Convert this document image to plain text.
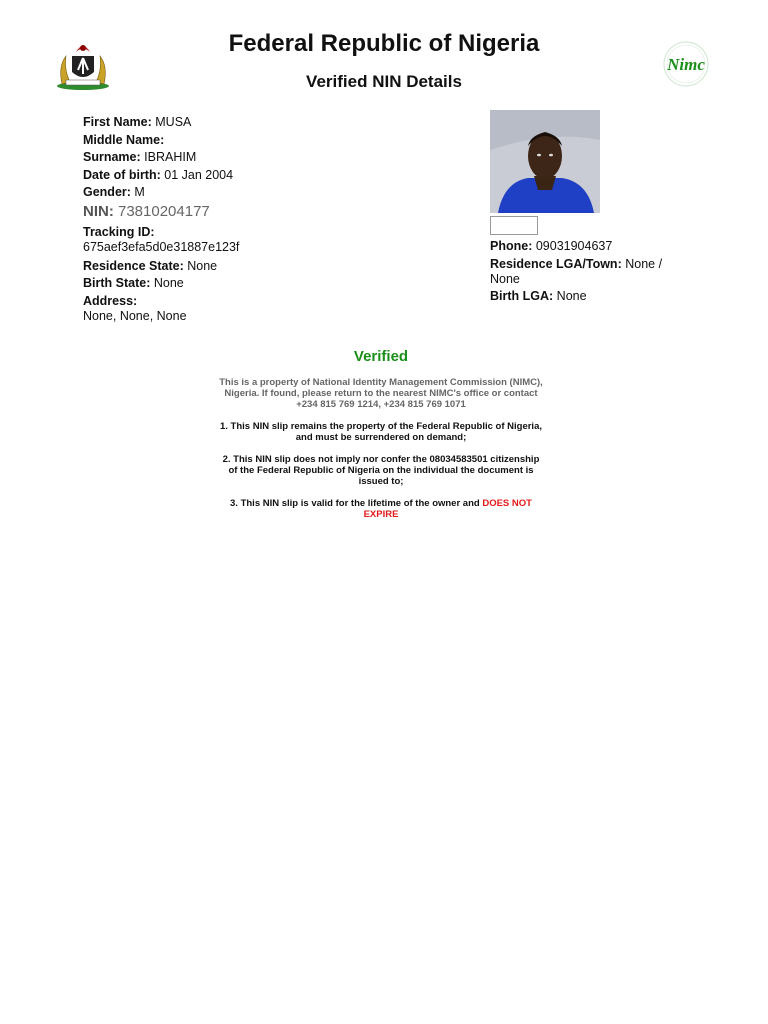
Federal Republic of Nigeria
Verified NIN Details
Nimc
First Name: MUSA
Middle Name:
Surname: IBRAHIM
Date of birth: 01 Jan 2004
Gender: M
NIN: 73810204177
Tracking ID:
675aef3efa5d0e31887e123f
Residence State: None
Birth State: None
Address:
None, None, None
Phone: 09031904637
Residence LGA/Town: None / None
Birth LGA: None
Verified
This is a property of National Identity Management Commission (NIMC),
Nigeria. If found, please return to the nearest NIMC's office or contact
+234 815 769 1214, +234 815 769 1071

1. This NIN slip remains the property of the Federal Republic of Nigeria,
and must be surrendered on demand;

2. This NIN slip does not imply nor confer the 08034583501 citizenship
of the Federal Republic of Nigeria on the individual the document is
issued to;

3. This NIN slip is valid for the lifetime of the owner and DOES NOT
EXPIRE
